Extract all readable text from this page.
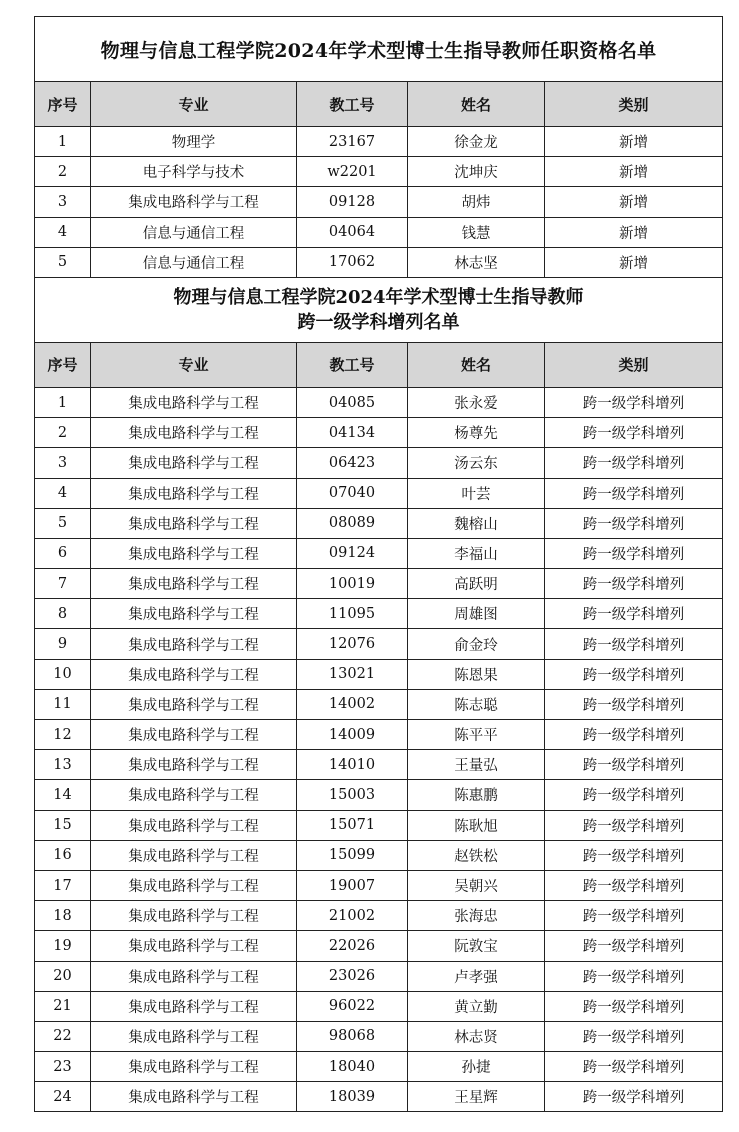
物理与信息工程学院2024年学术型博士生指导教师任职资格名单				
序号	专业	教工号	姓名	类别
1	物理学	23167	徐金龙	新增
2	电子科学与技术	w2201	沈坤庆	新增
3	集成电路科学与工程	09128	胡炜	新增
4	信息与通信工程	04064	钱慧	新增
5	信息与通信工程	17062	林志坚	新增

物理与信息工程学院2024年学术型博士生指导教师
跨一级学科增列名单				

序号	专业	教工号	姓名	类别
1	集成电路科学与工程	04085	张永爱	跨一级学科增列
2	集成电路科学与工程	04134	杨尊先	跨一级学科增列
3	集成电路科学与工程	06423	汤云东	跨一级学科增列
4	集成电路科学与工程	07040	叶芸	跨一级学科增列
5	集成电路科学与工程	08089	魏榕山	跨一级学科增列
6	集成电路科学与工程	09124	李福山	跨一级学科增列
7	集成电路科学与工程	10019	高跃明	跨一级学科增列
8	集成电路科学与工程	11095	周雄图	跨一级学科增列
9	集成电路科学与工程	12076	俞金玲	跨一级学科增列
10	集成电路科学与工程	13021	陈恩果	跨一级学科增列
11	集成电路科学与工程	14002	陈志聪	跨一级学科增列
12	集成电路科学与工程	14009	陈平平	跨一级学科增列
13	集成电路科学与工程	14010	王量弘	跨一级学科增列
14	集成电路科学与工程	15003	陈惠鹏	跨一级学科增列
15	集成电路科学与工程	15071	陈耿旭	跨一级学科增列
16	集成电路科学与工程	15099	赵铁松	跨一级学科增列
17	集成电路科学与工程	19007	吴朝兴	跨一级学科增列
18	集成电路科学与工程	21002	张海忠	跨一级学科增列
19	集成电路科学与工程	22026	阮敦宝	跨一级学科增列
20	集成电路科学与工程	23026	卢孝强	跨一级学科增列
21	集成电路科学与工程	96022	黄立勤	跨一级学科增列
22	集成电路科学与工程	98068	林志贤	跨一级学科增列
23	集成电路科学与工程	18040	孙捷	跨一级学科增列
24	集成电路科学与工程	18039	王星辉	跨一级学科增列
